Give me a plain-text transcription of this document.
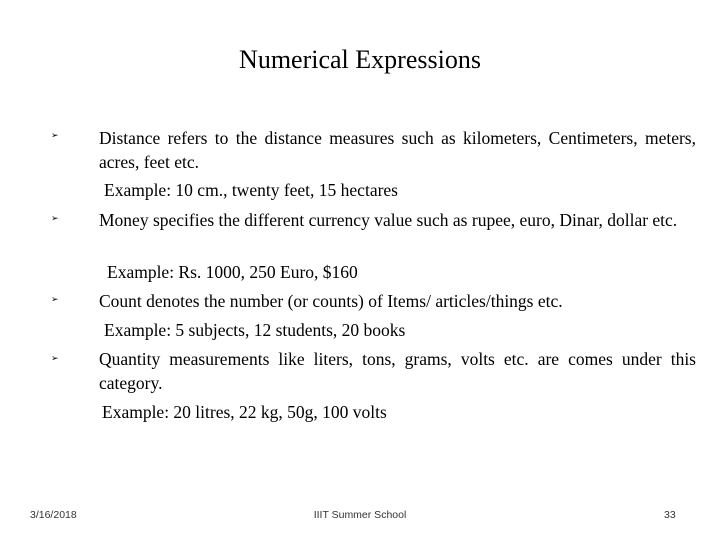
Numerical Expressions
➢ Distance refers to the distance measures such as kilometers, Centimeters, meters, acres, feet etc.
Example: 10 cm., twenty feet, 15 hectares
➢ Money specifies the different currency value such as rupee, euro, Dinar, dollar etc.
Example: Rs. 1000, 250 Euro, $160
➢ Count denotes the number (or counts) of Items/ articles/things etc.
Example: 5 subjects, 12 students, 20 books
➢ Quantity measurements like liters, tons, grams, volts etc. are comes under this category.
Example: 20 litres, 22 kg, 50g, 100 volts
3/16/2018	IIIT Summer School	33
